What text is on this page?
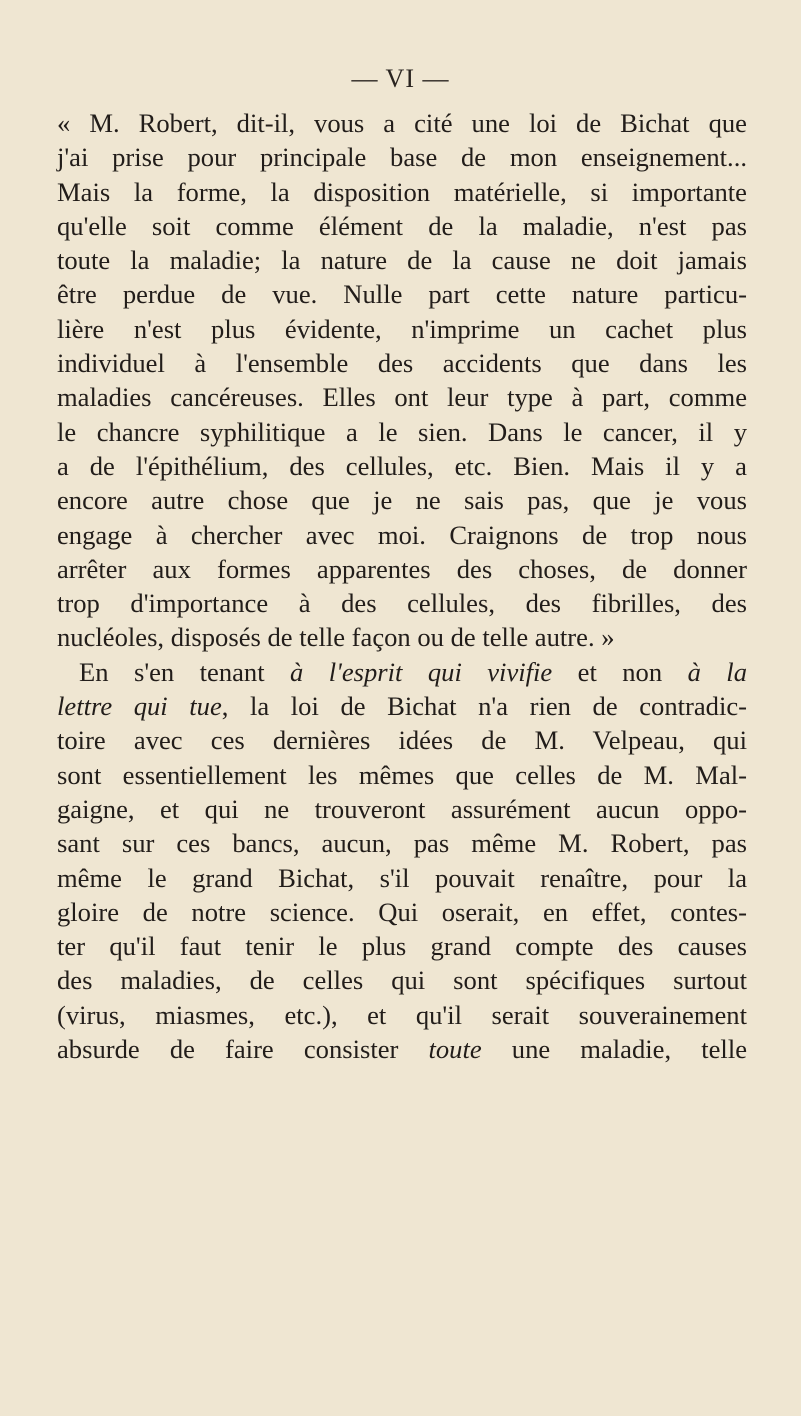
— VI —
« M. Robert, dit-il, vous a cité une loi de Bichat que
j'ai prise pour principale base de mon enseignement...
Mais la forme, la disposition matérielle, si importante
qu'elle soit comme élément de la maladie, n'est pas
toute la maladie; la nature de la cause ne doit jamais
être perdue de vue. Nulle part cette nature particu-
lière n'est plus évidente, n'imprime un cachet plus
individuel à l'ensemble des accidents que dans les
maladies cancéreuses. Elles ont leur type à part, comme
le chancre syphilitique a le sien. Dans le cancer, il y
a de l'épithélium, des cellules, etc. Bien. Mais il y a
encore autre chose que je ne sais pas, que je vous
engage à chercher avec moi. Craignons de trop nous
arrêter aux formes apparentes des choses, de donner
trop d'importance à des cellules, des fibrilles, des
nucléoles, disposés de telle façon ou de telle autre. »
En s'en tenant à l'esprit qui vivifie et non à la
lettre qui tue, la loi de Bichat n'a rien de contradic-
toire avec ces dernières idées de M. Velpeau, qui
sont essentiellement les mêmes que celles de M. Mal-
gaigne, et qui ne trouveront assurément aucun oppo-
sant sur ces bancs, aucun, pas même M. Robert, pas
même le grand Bichat, s'il pouvait renaître, pour la
gloire de notre science. Qui oserait, en effet, contes-
ter qu'il faut tenir le plus grand compte des causes
des maladies, de celles qui sont spécifiques surtout
(virus, miasmes, etc.), et qu'il serait souverainement
absurde de faire consister toute une maladie, telle
